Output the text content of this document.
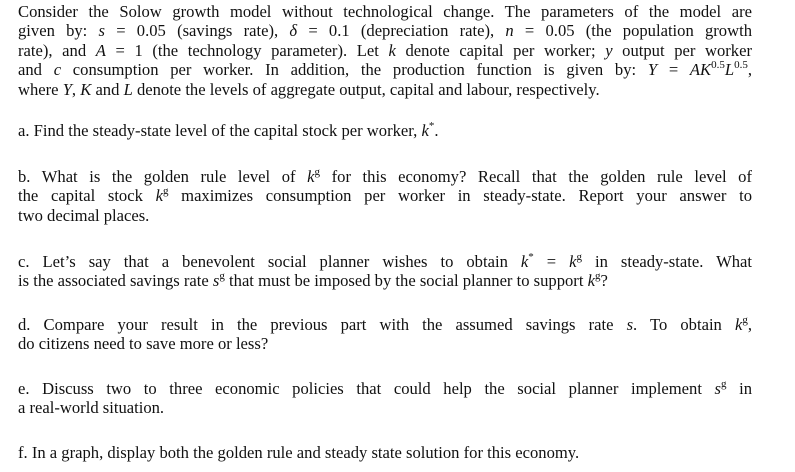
Consider the Solow growth model without technological change. The parameters of the model are
given by: s = 0.05 (savings rate), δ = 0.1 (depreciation rate), n = 0.05 (the population growth
rate), and A = 1 (the technology parameter). Let k denote capital per worker; y output per worker
and c consumption per worker. In addition, the production function is given by: $Y = AK^{0.5}L^{0.5}$,
where Y, K and L denote the levels of aggregate output, capital and labour, respectively.
a. Find the steady-state level of the capital stock per worker, k*.
b. What is the golden rule level of $k^g$ for this economy? Recall that the golden rule level of
the capital stock $k^g$ maximizes consumption per worker in steady-state. Report your answer to
two decimal places.
c. Let’s say that a benevolent social planner wishes to obtain $k^* = k^g$ in steady-state. What
is the associated savings rate $s^g$ that must be imposed by the social planner to support $k^g$?
d. Compare your result in the previous part with the assumed savings rate s. To obtain $k^g$,
do citizens need to save more or less?
e. Discuss two to three economic policies that could help the social planner implement $s^g$ in
a real-world situation.
f. In a graph, display both the golden rule and steady state solution for this economy.
